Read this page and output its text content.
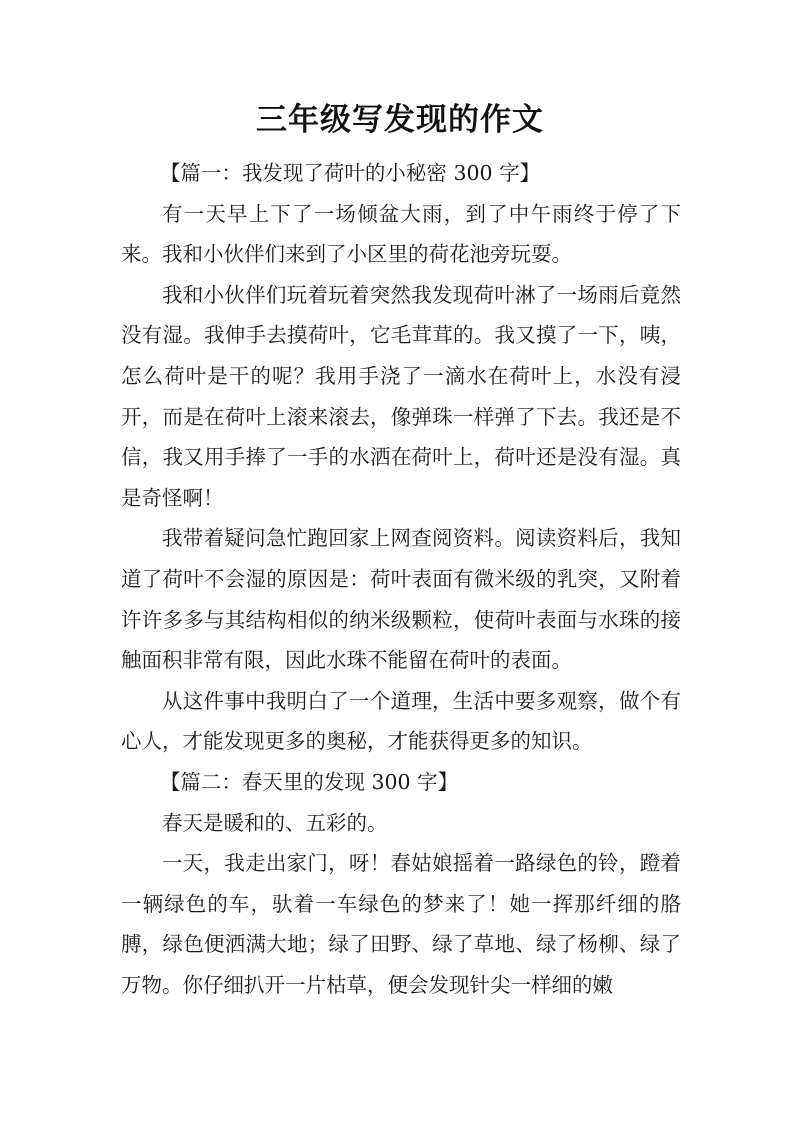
三年级写发现的作文

【篇一：我发现了荷叶的小秘密 300 字】

有一天早上下了一场倾盆大雨，到了中午雨终于停了下来。我和小伙伴们来到了小区里的荷花池旁玩耍。

我和小伙伴们玩着玩着突然我发现荷叶淋了一场雨后竟然没有湿。我伸手去摸荷叶，它毛茸茸的。我又摸了一下，咦，怎么荷叶是干的呢？我用手浇了一滴水在荷叶上，水没有浸开，而是在荷叶上滚来滚去，像弹珠一样弹了下去。我还是不信，我又用手捧了一手的水洒在荷叶上，荷叶还是没有湿。真是奇怪啊！

我带着疑问急忙跑回家上网查阅资料。阅读资料后，我知道了荷叶不会湿的原因是：荷叶表面有微米级的乳突，又附着许许多多与其结构相似的纳米级颗粒，使荷叶表面与水珠的接触面积非常有限，因此水珠不能留在荷叶的表面。

从这件事中我明白了一个道理，生活中要多观察，做个有心人，才能发现更多的奥秘，才能获得更多的知识。

【篇二：春天里的发现 300 字】

春天是暖和的、五彩的。

一天，我走出家门，呀！春姑娘摇着一路绿色的铃，蹬着一辆绿色的车，驮着一车绿色的梦来了！她一挥那纤细的胳膊，绿色便洒满大地；绿了田野、绿了草地、绿了杨柳、绿了万物。你仔细扒开一片枯草，便会发现针尖一样细的嫩
